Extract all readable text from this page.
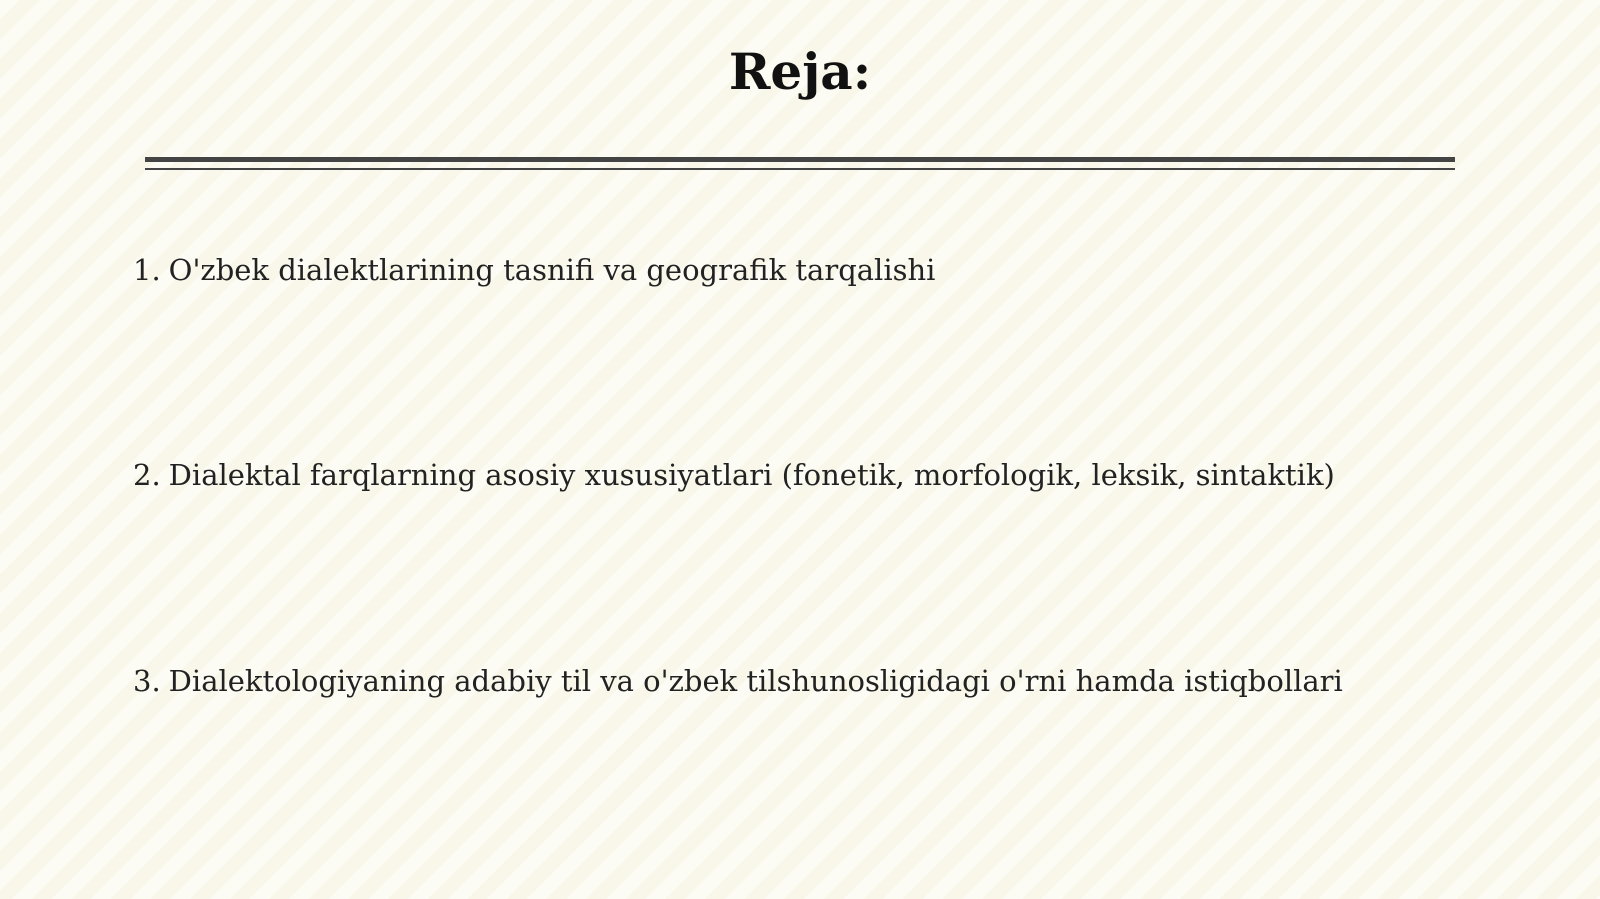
Reja:
1. O'zbek dialektlarining tasnifi va geografik tarqalishi
2. Dialektal farqlarning asosiy xususiyatlari (fonetik, morfologik, leksik, sintaktik)
3. Dialektologiyaning adabiy til va o'zbek tilshunosligidagi o'rni hamda istiqbollari
